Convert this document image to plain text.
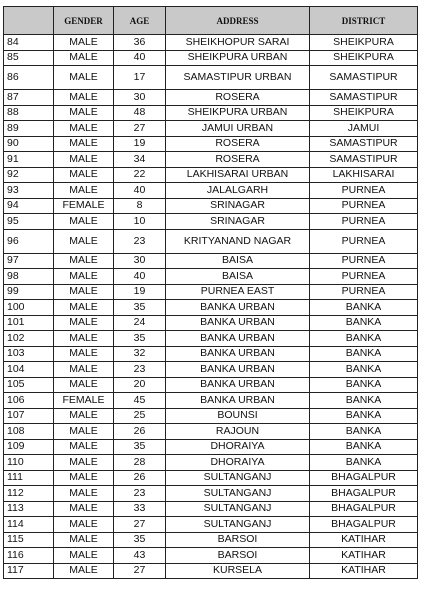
	GENDER	AGE	ADDRESS	DISTRICT
84	MALE	36	SHEIKHOPUR SARAI	SHEIKPURA
85	MALE	40	SHEIKPURA URBAN	SHEIKPURA
86	MALE	17	SAMASTIPUR URBAN	SAMASTIPUR
87	MALE	30	ROSERA	SAMASTIPUR
88	MALE	48	SHEIKPURA URBAN	SHEIKPURA
89	MALE	27	JAMUI URBAN	JAMUI
90	MALE	19	ROSERA	SAMASTIPUR
91	MALE	34	ROSERA	SAMASTIPUR
92	MALE	22	LAKHISARAI URBAN	LAKHISARAI
93	MALE	40	JALALGARH	PURNEA
94	FEMALE	8	SRINAGAR	PURNEA
95	MALE	10	SRINAGAR	PURNEA
96	MALE	23	KRITYANAND NAGAR	PURNEA
97	MALE	30	BAISA	PURNEA
98	MALE	40	BAISA	PURNEA
99	MALE	19	PURNEA EAST	PURNEA
100	MALE	35	BANKA URBAN	BANKA
101	MALE	24	BANKA URBAN	BANKA
102	MALE	35	BANKA URBAN	BANKA
103	MALE	32	BANKA URBAN	BANKA
104	MALE	23	BANKA URBAN	BANKA
105	MALE	20	BANKA URBAN	BANKA
106	FEMALE	45	BANKA URBAN	BANKA
107	MALE	25	BOUNSI	BANKA
108	MALE	26	RAJOUN	BANKA
109	MALE	35	DHORAIYA	BANKA
110	MALE	28	DHORAIYA	BANKA
111	MALE	26	SULTANGANJ	BHAGALPUR
112	MALE	23	SULTANGANJ	BHAGALPUR
113	MALE	33	SULTANGANJ	BHAGALPUR
114	MALE	27	SULTANGANJ	BHAGALPUR
115	MALE	35	BARSOI	KATIHAR
116	MALE	43	BARSOI	KATIHAR
117	MALE	27	KURSELA	KATIHAR
